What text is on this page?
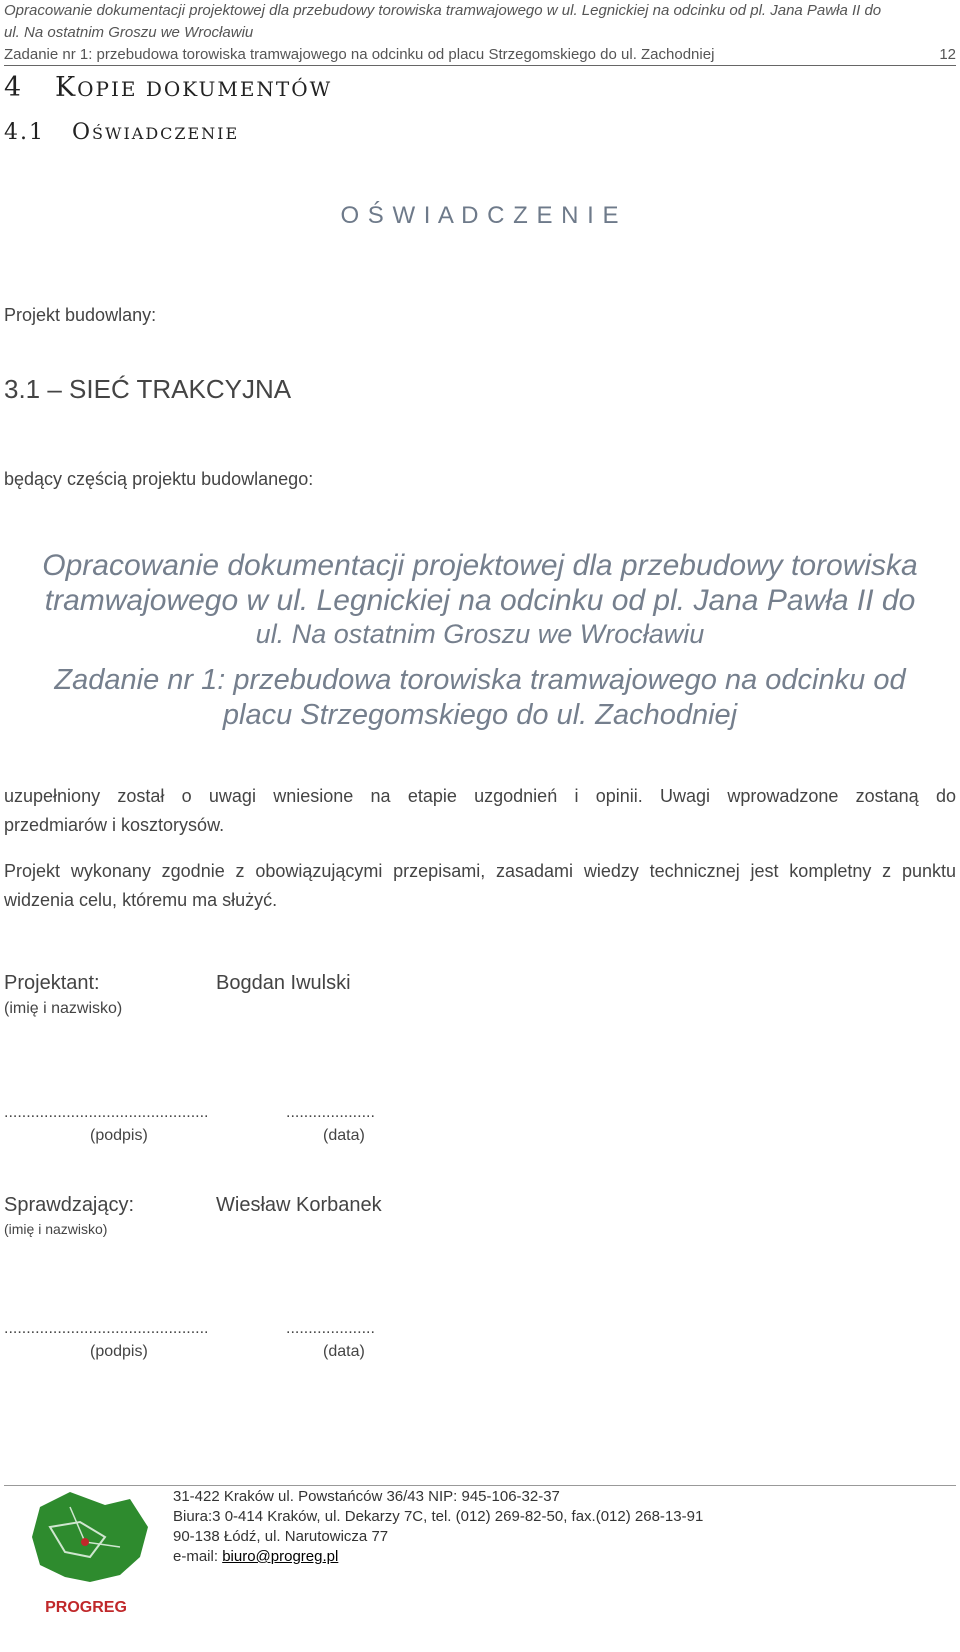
Opracowanie dokumentacji projektowej dla przebudowy torowiska tramwajowego w ul. Legnickiej na odcinku od pl. Jana Pawła II do
ul. Na ostatnim Groszu we Wrocławiu
Zadanie nr 1: przebudowa torowiska tramwajowego na odcinku od placu Strzegomskiego do ul. Zachodniej	12
4 KOPIE DOKUMENTÓW
4.1 OŚWIADCZENIE
O Ś W I A D C Z E N I E
Projekt budowlany:
3.1 – SIEĆ TRAKCYJNA
będący częścią projektu budowlanego:
Opracowanie dokumentacji projektowej dla przebudowy torowiska
tramwajowego w ul. Legnickiej na odcinku od pl. Jana Pawła II do
ul. Na ostatnim Groszu we Wrocławiu
Zadanie nr 1: przebudowa torowiska tramwajowego na odcinku od
placu Strzegomskiego do ul. Zachodniej
uzupełniony został o uwagi wniesione na etapie uzgodnień i opinii. Uwagi wprowadzone zostaną do
przedmiarów i kosztorysów.
Projekt wykonany zgodnie z obowiązującymi przepisami, zasadami wiedzy technicznej jest kompletny z punktu
widzenia celu, któremu ma służyć.
Projektant:
(imię i nazwisko)
Bogdan Iwulski
..............................................	....................
(podpis)	(data)
Sprawdzający:
(imię i nazwisko)
Wiesław Korbanek
..............................................	....................
(podpis)	(data)
PROGREG
31-422 Kraków ul. Powstańców 36/43 NIP: 945-106-32-37
Biura:3 0-414 Kraków, ul. Dekarzy 7C, tel. (012) 269-82-50, fax.(012) 268-13-91
90-138 Łódź, ul. Narutowicza 77
e-mail: biuro@progreg.pl
